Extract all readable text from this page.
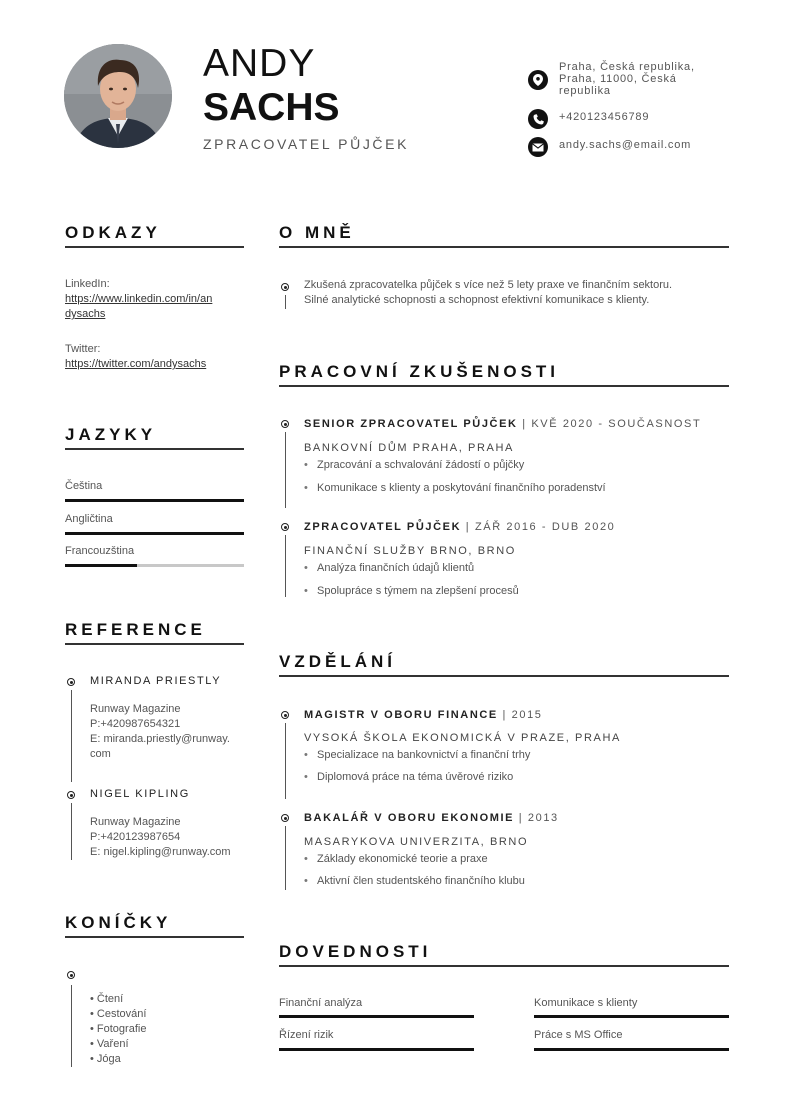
ANDY
SACHS
ZPRACOVATEL PŮJČEK
Praha, Česká republika,
Praha, 11000, Česká
republika
+420123456789
andy.sachs@email.com
ODKAZY
LinkedIn:
https://www.linkedin.com/in/an
dysachs
Twitter:
https://twitter.com/andysachs
JAZYKY
Čeština
Angličtina
Francouzština
REFERENCE
MIRANDA PRIESTLY
Runway Magazine
P:+420987654321
E: miranda.priestly@runway.
com
NIGEL KIPLING
Runway Magazine
P:+420123987654
E: nigel.kipling@runway.com
KONÍČKY
• Čtení
• Cestování
• Fotografie
• Vaření
• Jóga
O MNĚ
Zkušená zpracovatelka půjček s více než 5 lety praxe ve finančním sektoru.
Silné analytické schopnosti a schopnost efektivní komunikace s klienty.
PRACOVNÍ ZKUŠENOSTI
SENIOR ZPRACOVATEL PŮJČEK | KVĚ 2020 - SOUČASNOST
BANKOVNÍ DŮM PRAHA, PRAHA
• Zpracování a schvalování žádostí o půjčky
• Komunikace s klienty a poskytování finančního poradenství
ZPRACOVATEL PŮJČEK | ZÁŘ 2016 - DUB 2020
FINANČNÍ SLUŽBY BRNO, BRNO
• Analýza finančních údajů klientů
• Spolupráce s týmem na zlepšení procesů
VZDĚLÁNÍ
MAGISTR V OBORU FINANCE | 2015
VYSOKÁ ŠKOLA EKONOMICKÁ V PRAZE, PRAHA
• Specializace na bankovnictví a finanční trhy
• Diplomová práce na téma úvěrové riziko
BAKALÁŘ V OBORU EKONOMIE | 2013
MASARYKOVA UNIVERZITA, BRNO
• Základy ekonomické teorie a praxe
• Aktivní člen studentského finančního klubu
DOVEDNOSTI
Finanční analýza	Komunikace s klienty
Řízení rizik	Práce s MS Office
